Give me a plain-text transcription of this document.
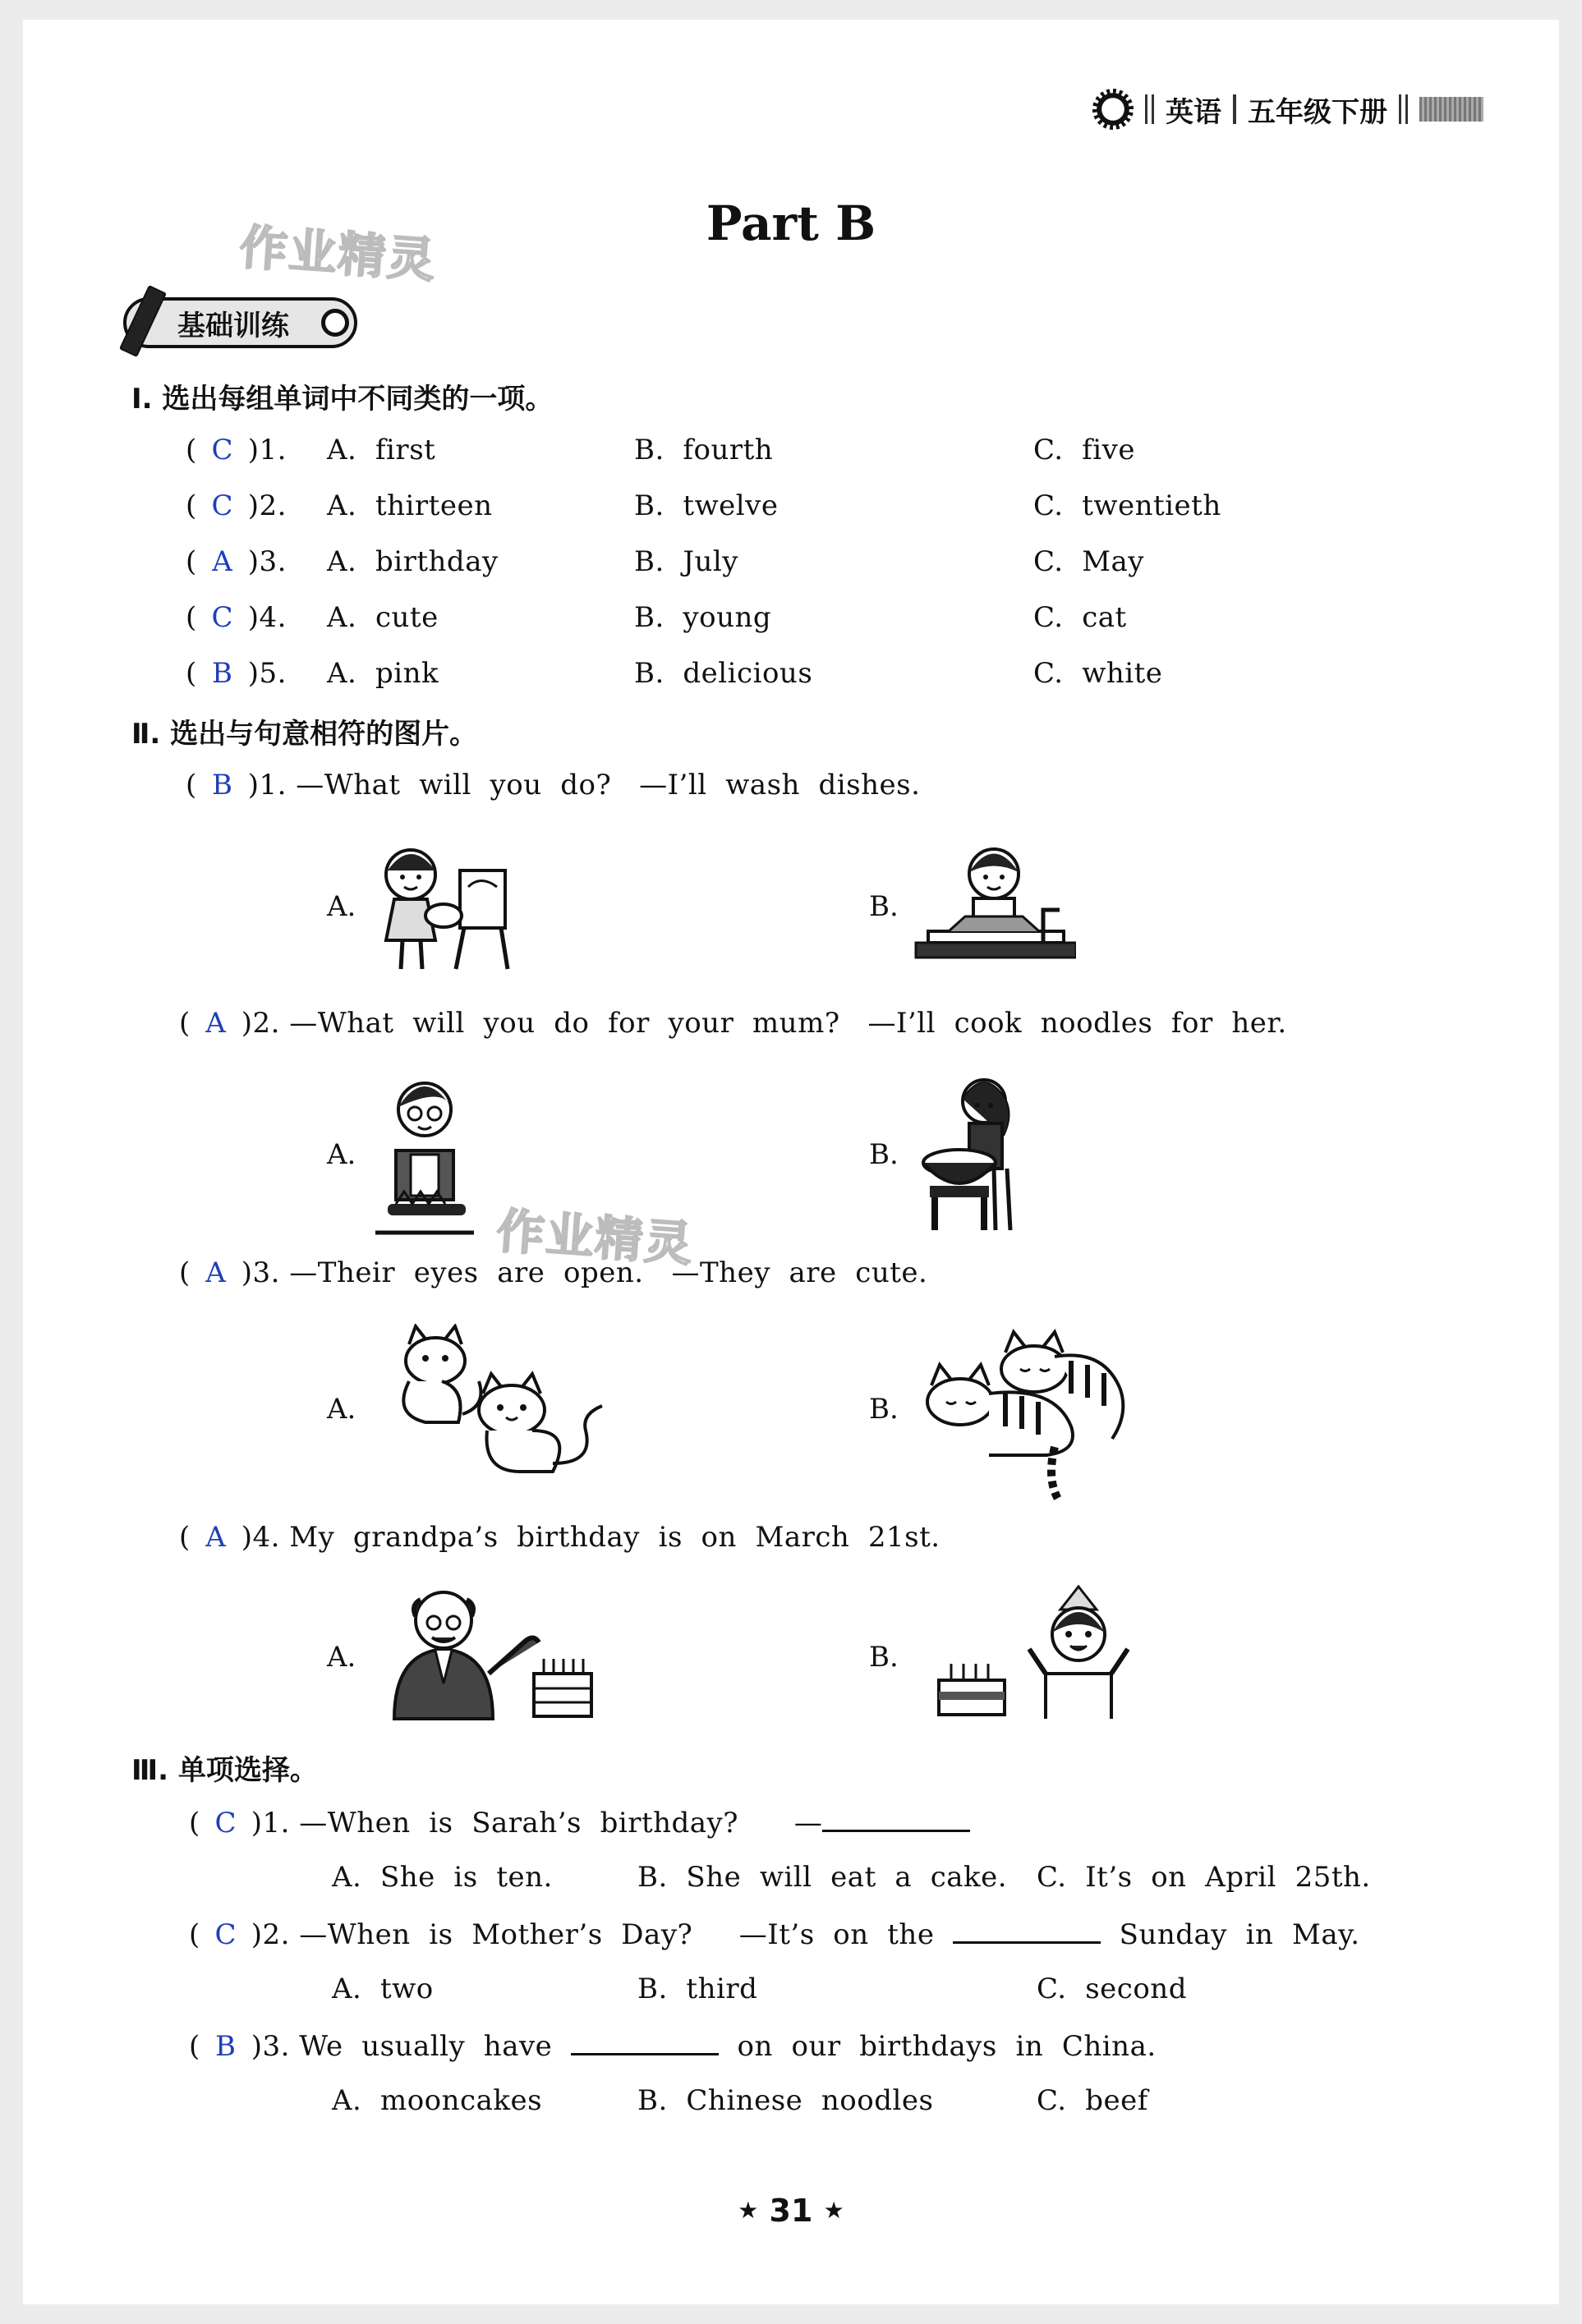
英语 五年级下册
作业精灵
作业精灵
Part B
基础训练
Ⅰ. 选出每组单词中不同类的一项。
( C )1. A.  first	B.  fourth	C.  five
( C )2. A.  thirteen	B.  twelve	C.  twentieth
( A )3. A.  birthday	B.  July	C.  May
( C )4. A.  cute	B.  young	C.  cat
( B )5. A.  pink	B.  delicious	C.  white
Ⅱ. 选出与句意相符的图片。
( B )1. —What  will  you  do?   —I’ll  wash  dishes.
A.	B.
( A )2. —What  will  you  do  for  your  mum?   —I’ll  cook  noodles  for  her.
A.	B.
( A )3. —Their  eyes  are  open.   —They  are  cute.
A.	B.
( A )4. My  grandpa’s  birthday  is  on  March  21st.
A.	B.
Ⅲ. 单项选择。
( C )1. —When  is  Sarah’s  birthday?      —
A.  She  is  ten.	B.  She  will  eat  a  cake. C.  It’s  on  April  25th.
( C )2. —When  is  Mother’s  Day?     —It’s  on  the	Sunday  in  May.
A.  two	B.  third	C.  second
( B )3. We  usually  have	on  our  birthdays  in  China.
A.  mooncakes	B.  Chinese  noodles	C.  beef
★ 31 ★
